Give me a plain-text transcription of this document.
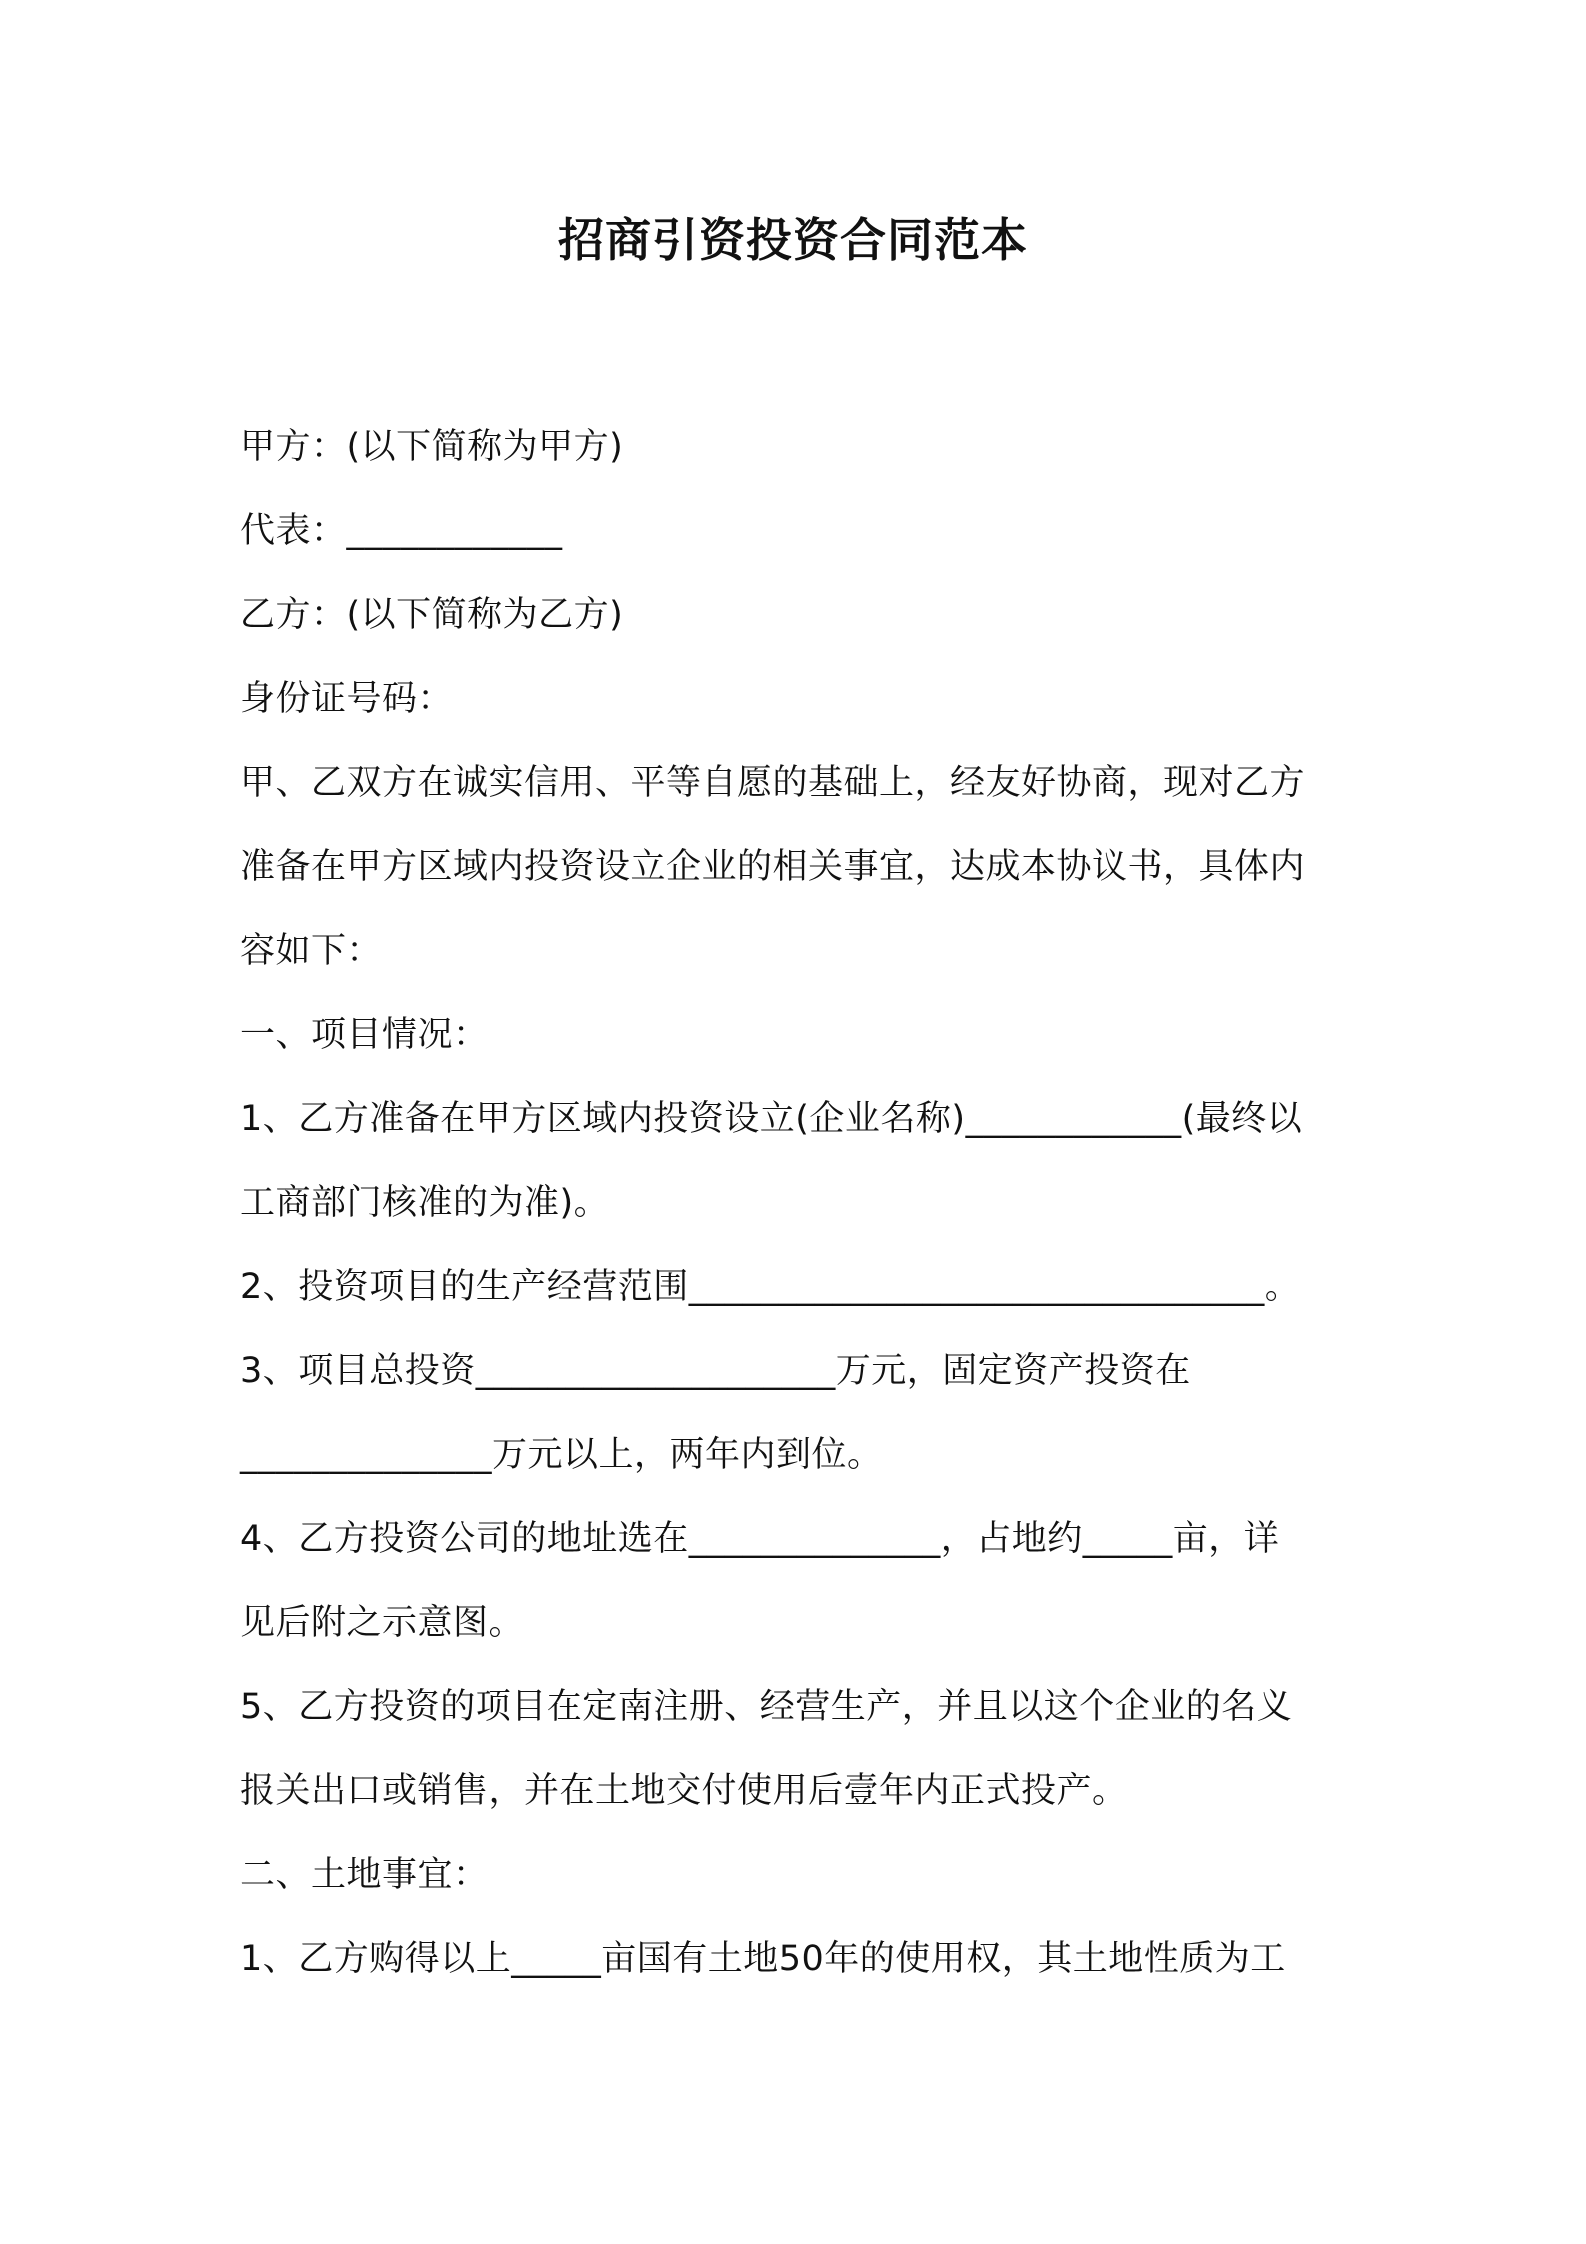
招商引资投资合同范本
甲方：(以下简称为甲方)
代表：____________
乙方：(以下简称为乙方)
身份证号码：
甲、乙双方在诚实信用、平等自愿的基础上，经友好协商，现对乙方
准备在甲方区域内投资设立企业的相关事宜，达成本协议书，具体内
容如下：
一、项目情况：
1、乙方准备在甲方区域内投资设立(企业名称)____________(最终以
工商部门核准的为准)。
2、投资项目的生产经营范围________________________________。
3、项目总投资____________________万元，固定资产投资在
______________万元以上，两年内到位。
4、乙方投资公司的地址选在______________，占地约_____亩，详
见后附之示意图。
5、乙方投资的项目在定南注册、经营生产，并且以这个企业的名义
报关出口或销售，并在土地交付使用后壹年内正式投产。
二、土地事宜：
1、乙方购得以上_____亩国有土地50年的使用权，其土地性质为工
